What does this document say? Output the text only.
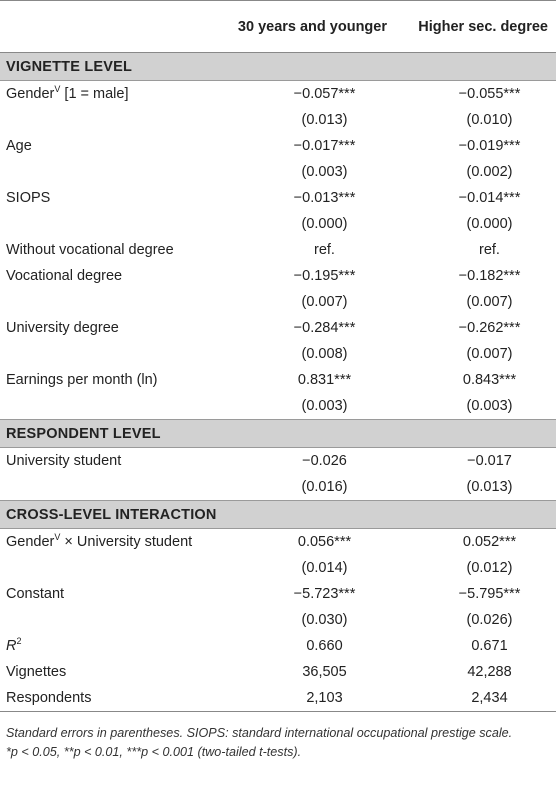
	30 years and younger	Higher sec. degree
VIGNETTE LEVEL		
Gender$^V$ [1 = male]	−0.057***	−0.055***
	(0.013)	(0.010)
Age	−0.017***	−0.019***
	(0.003)	(0.002)
SIOPS	−0.013***	−0.014***
	(0.000)	(0.000)
Without vocational degree	ref.	ref.
Vocational degree	−0.195***	−0.182***
	(0.007)	(0.007)
University degree	−0.284***	−0.262***
	(0.008)	(0.007)
Earnings per month (ln)	0.831***	0.843***
	(0.003)	(0.003)
RESPONDENT LEVEL		
University student	−0.026	−0.017
	(0.016)	(0.013)
CROSS-LEVEL INTERACTION		
Gender$^V$ × University student	0.056***	0.052***
	(0.014)	(0.012)
Constant	−5.723***	−5.795***
	(0.030)	(0.026)
$R^2$	0.660	0.671
Vignettes	36,505	42,288
Respondents	2,103	2,434

Standard errors in parentheses. SIOPS: standard international occupational prestige scale.

*p < 0.05, **p < 0.01, ***p < 0.001 (two-tailed t-tests).
